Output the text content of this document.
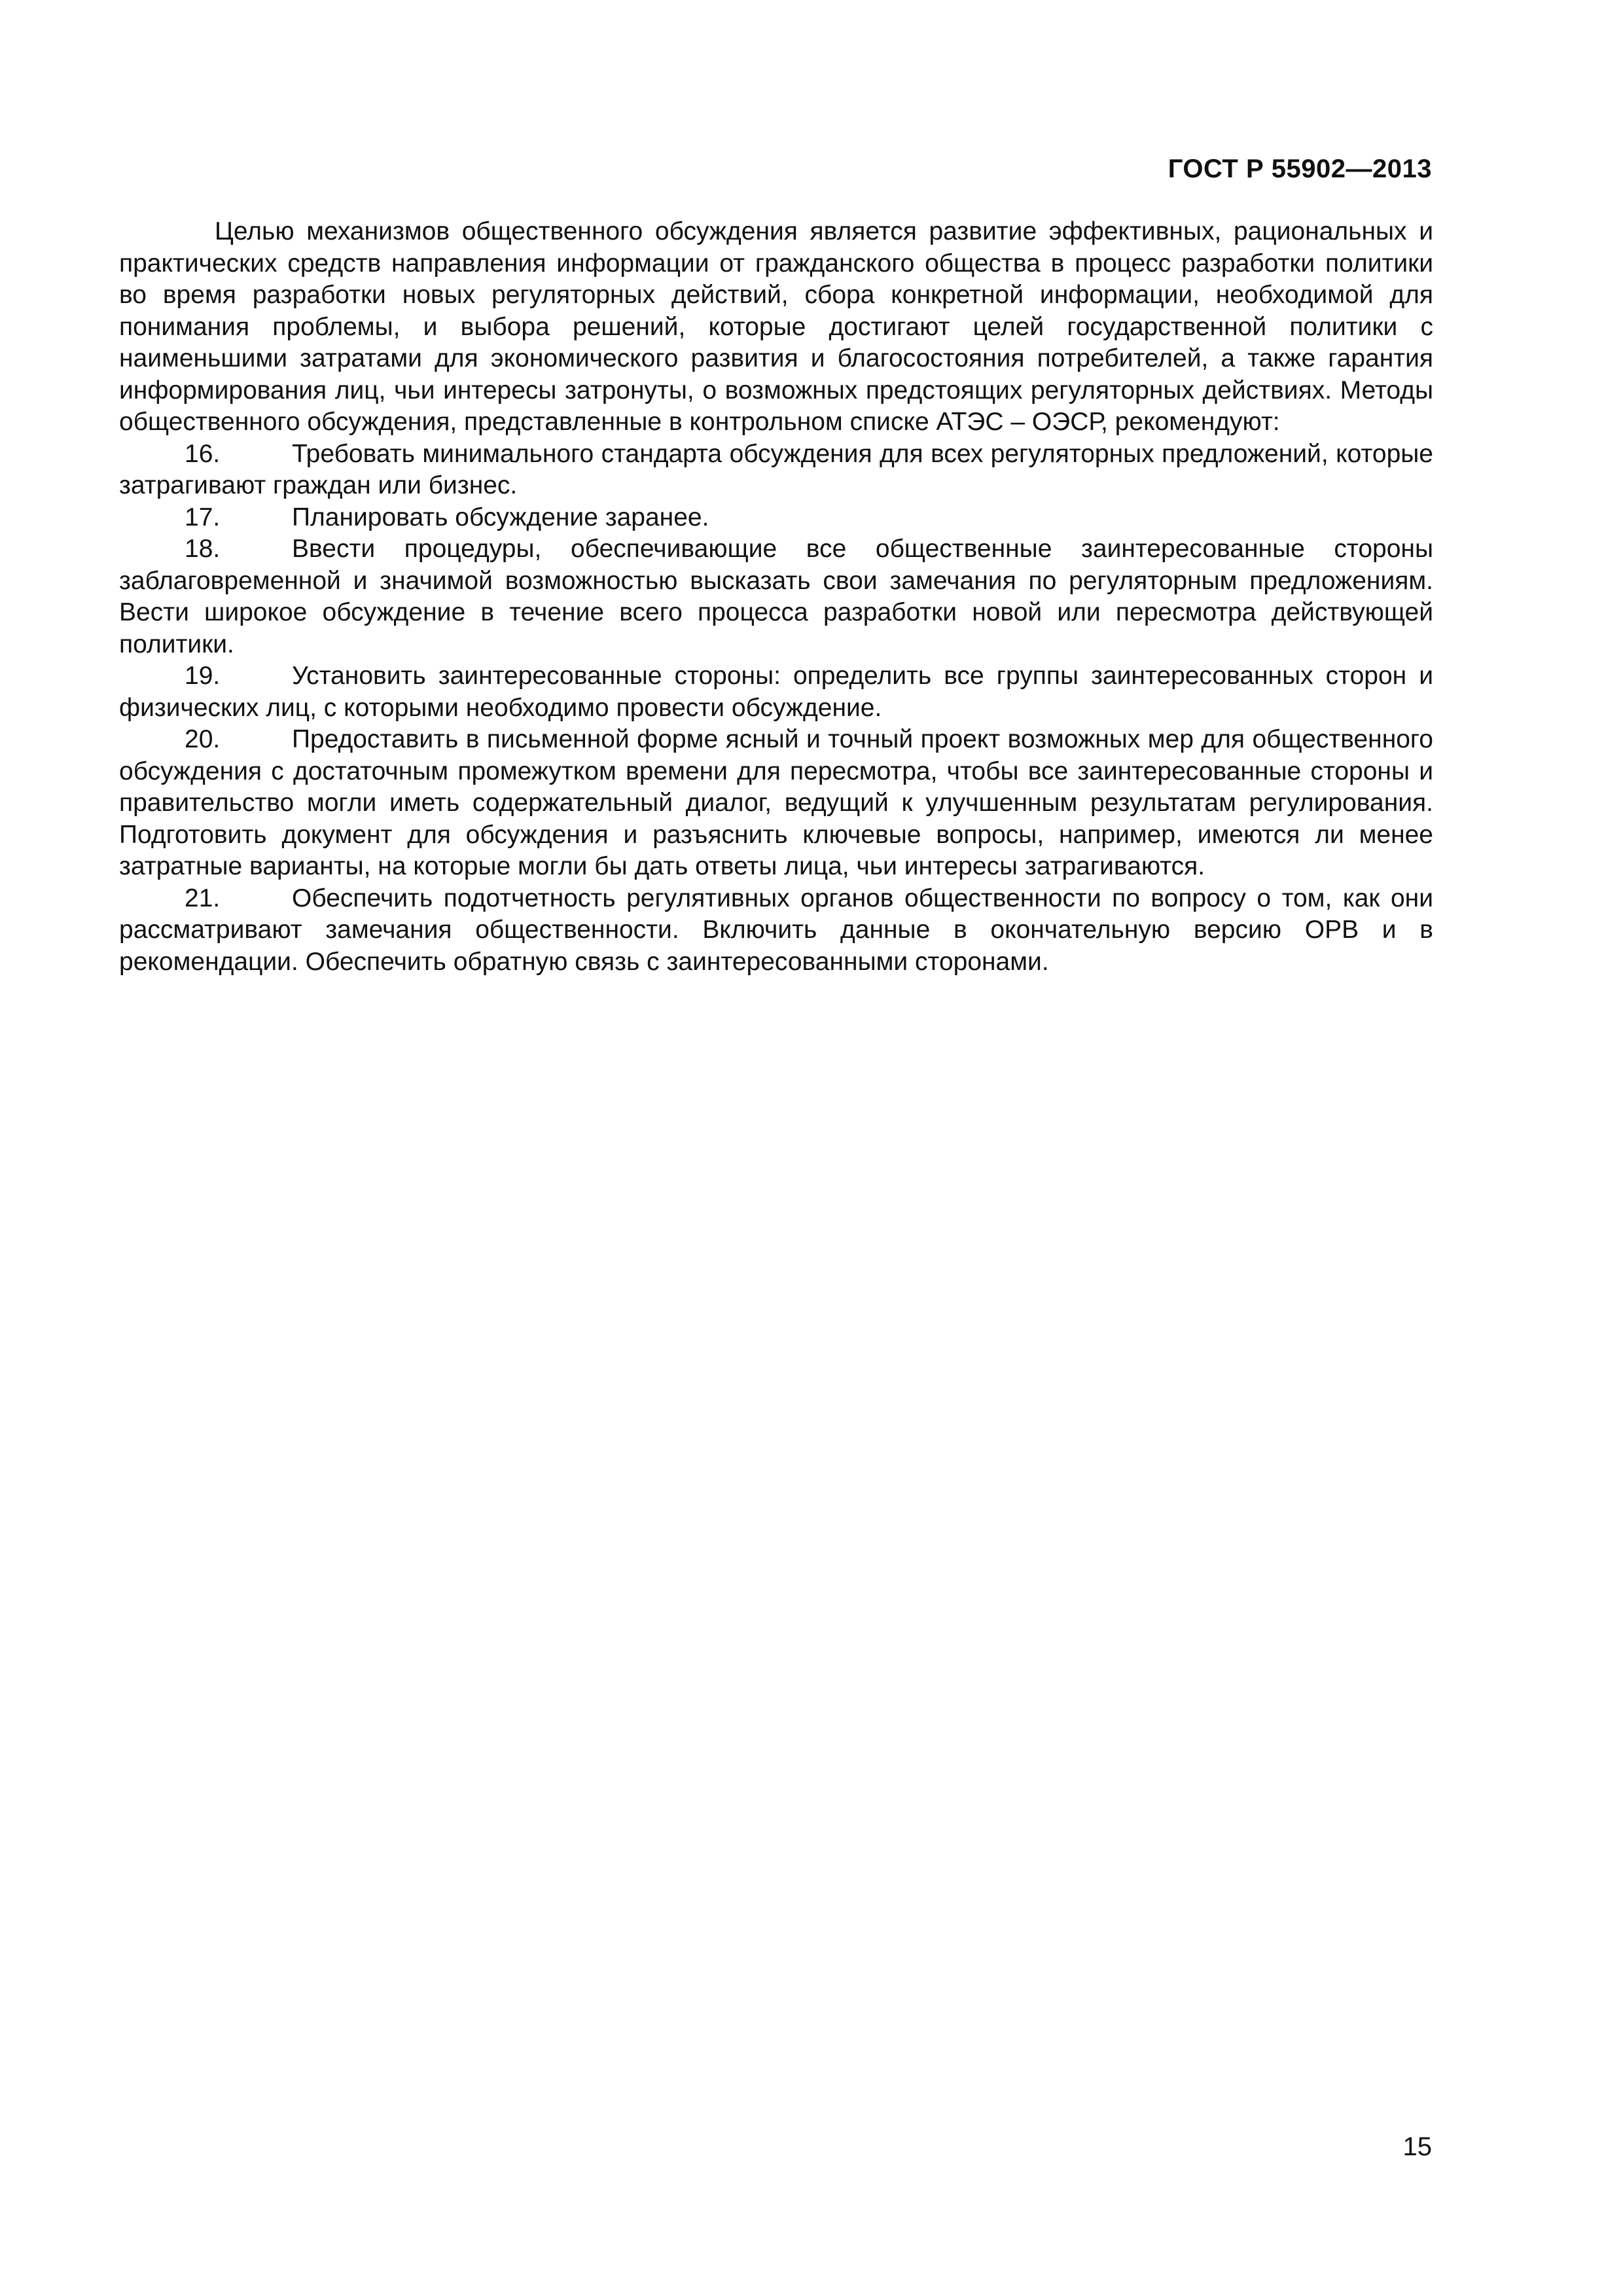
ГОСТ Р 55902—2013

Целью механизмов общественного обсуждения является развитие эффективных, рациональных и практических средств направления информации от гражданского общества в процесс разработки политики во время разработки новых регуляторных действий, сбора конкретной информации, необходимой для понимания проблемы, и выбора решений, которые достигают целей государственной политики с наименьшими затратами для экономического развития и благосостояния потребителей, а также гарантия информирования лиц, чьи интересы затронуты, о возможных предстоящих регуляторных действиях. Методы общественного обсуждения, представленные в контрольном списке АТЭС – ОЭСР, рекомендуют:

16.	Требовать минимального стандарта обсуждения для всех регуляторных предложений, которые затрагивают граждан или бизнес.

17.	Планировать обсуждение заранее.

18.	Ввести процедуры, обеспечивающие все общественные заинтересованные стороны заблаговременной и значимой возможностью высказать свои замечания по регуляторным предложениям. Вести широкое обсуждение в течение всего процесса разработки новой или пересмотра действующей политики.

19.	Установить заинтересованные стороны: определить все группы заинтересованных сторон и физических лиц, с которыми необходимо провести обсуждение.

20.	Предоставить в письменной форме ясный и точный проект возможных мер для общественного обсуждения с достаточным промежутком времени для пересмотра, чтобы все заинтересованные стороны и правительство могли иметь содержательный диалог, ведущий к улучшенным результатам регулирования. Подготовить документ для обсуждения и разъяснить ключевые вопросы, например, имеются ли менее затратные варианты, на которые могли бы дать ответы лица, чьи интересы затрагиваются.

21.	Обеспечить подотчетность регулятивных органов общественности по вопросу о том, как они рассматривают замечания общественности. Включить данные в окончательную версию ОРВ и в рекомендации. Обеспечить обратную связь с заинтересованными сторонами.

15
